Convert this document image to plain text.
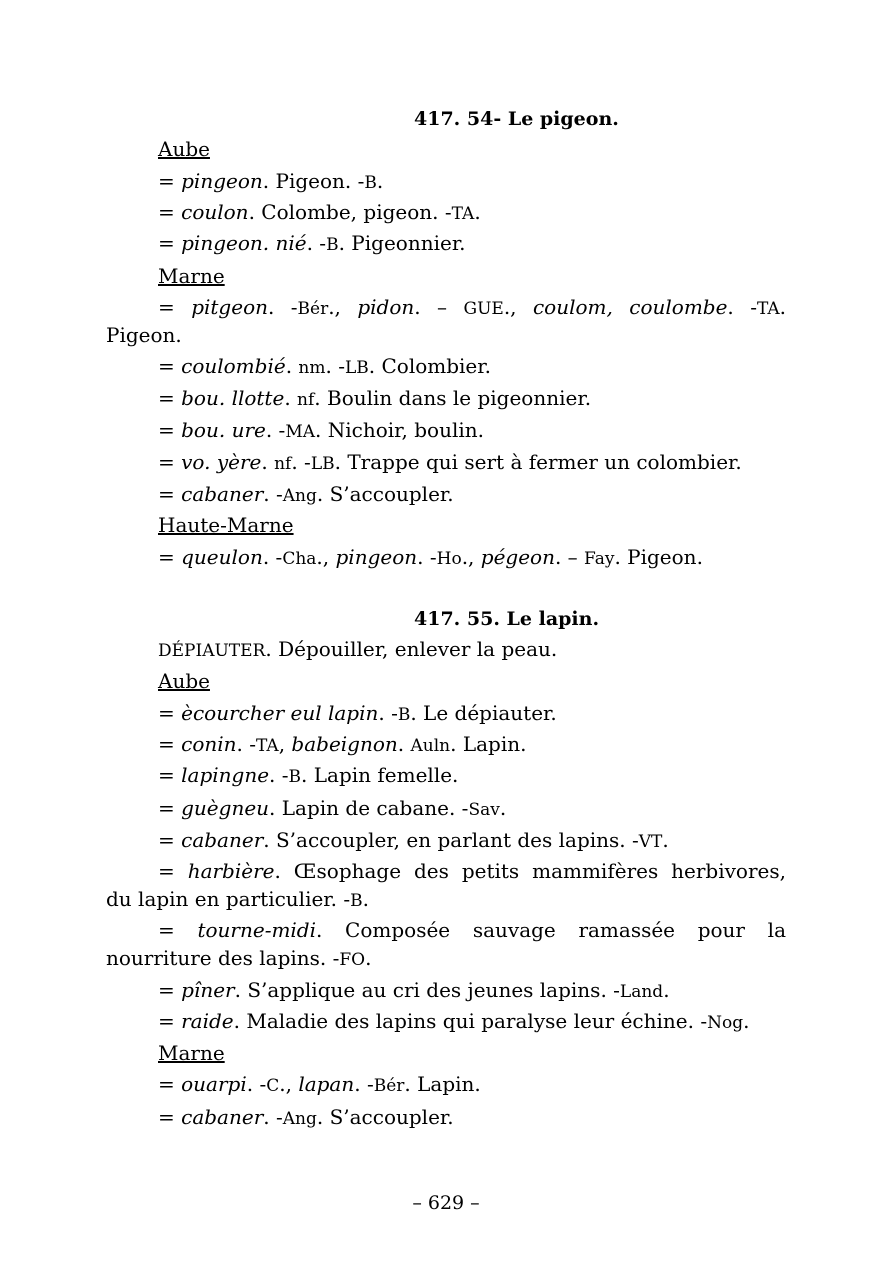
417. 54- Le pigeon.
Aube
= pingeon. Pigeon. -B.
= coulon. Colombe, pigeon. -TA.
= pingeon. nié. -B. Pigeonnier.
Marne
= pitgeon. -Bér., pidon. – GUE., coulom, coulombe. -TA.
Pigeon.
= coulombié. nm. -LB. Colombier.
= bou. llotte. nf. Boulin dans le pigeonnier.
= bou. ure. -MA. Nichoir, boulin.
= vo. yère. nf. -LB. Trappe qui sert à fermer un colombier.
= cabaner. -Ang. S’accoupler.
Haute-Marne
= queulon. -Cha., pingeon. -Ho., pégeon. – Fay. Pigeon.
417. 55. Le lapin.
DÉPIAUTER. Dépouiller, enlever la peau.
Aube
= ècourcher eul lapin. -B. Le dépiauter.
= conin. -TA, babeignon. Auln. Lapin.
= lapingne. -B. Lapin femelle.
= guègneu. Lapin de cabane. -Sav.
= cabaner. S’accoupler, en parlant des lapins. -VT.
= harbière. Œsophage des petits mammifères herbivores,
du lapin en particulier. -B.
= tourne-midi. Composée sauvage ramassée pour la
nourriture des lapins. -FO.
= pîner. S’applique au cri des jeunes lapins. -Land.
= raide. Maladie des lapins qui paralyse leur échine. -Nog.
Marne
= ouarpi. -C., lapan. -Bér. Lapin.
= cabaner. -Ang. S’accoupler.
– 629 –
